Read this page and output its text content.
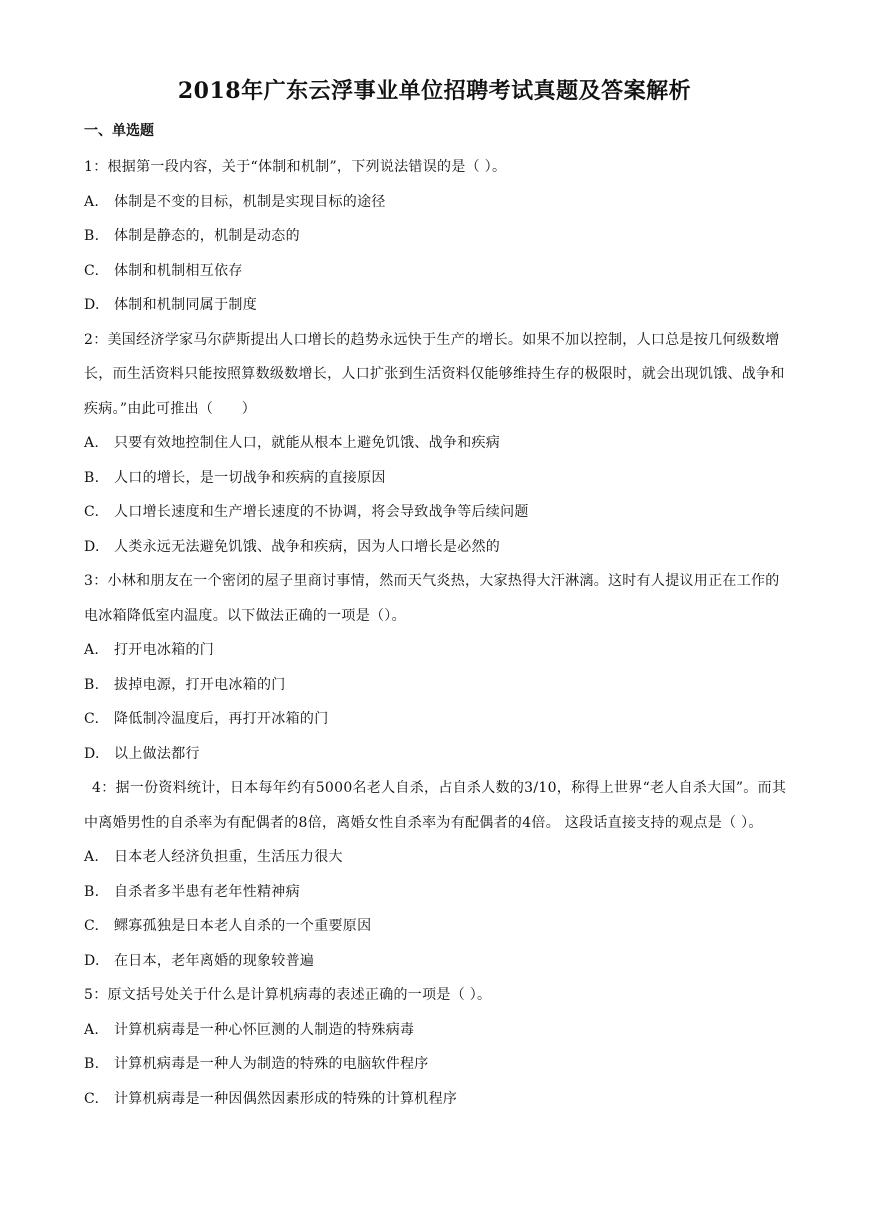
2018年广东云浮事业单位招聘考试真题及答案解析
一、单选题

1：根据第一段内容，关于“体制和机制”，下列说法错误的是（ ）。

A.	体制是不变的目标，机制是实现目标的途径
B.	体制是静态的，机制是动态的
C.	体制和机制相互依存
D.	体制和机制同属于制度

2：美国经济学家马尔萨斯提出人口增长的趋势永远快于生产的增长。如果不加以控制，人口总是按几何级数增长，而生活资料只能按照算数级数增长，人口扩张到生活资料仅能够维持生存的极限时，就会出现饥饿、战争和疾病。”由此可推出（　　）

A.	只要有效地控制住人口，就能从根本上避免饥饿、战争和疾病
B.	人口的增长，是一切战争和疾病的直接原因
C.	人口增长速度和生产增长速度的不协调，将会导致战争等后续问题
D.	人类永远无法避免饥饿、战争和疾病，因为人口增长是必然的

3：小林和朋友在一个密闭的屋子里商讨事情，然而天气炎热，大家热得大汗淋漓。这时有人提议用正在工作的电冰箱降低室内温度。以下做法正确的一项是（）。

A.	打开电冰箱的门
B.	拔掉电源，打开电冰箱的门
C.	降低制冷温度后，再打开冰箱的门
D.	以上做法都行

4：据一份资料统计，日本每年约有5000名老人自杀，占自杀人数的3/10，称得上世界“老人自杀大国”。而其中离婚男性的自杀率为有配偶者的8倍，离婚女性自杀率为有配偶者的4倍。 这段话直接支持的观点是（ ）。

A.	日本老人经济负担重，生活压力很大
B.	自杀者多半患有老年性精神病
C.	鳏寡孤独是日本老人自杀的一个重要原因
D.	在日本，老年离婚的现象较普遍

5：原文括号处关于什么是计算机病毒的表述正确的一项是（ ）。

A.	计算机病毒是一种心怀叵测的人制造的特殊病毒
B.	计算机病毒是一种人为制造的特殊的电脑软件程序
C.	计算机病毒是一种因偶然因素形成的特殊的计算机程序
